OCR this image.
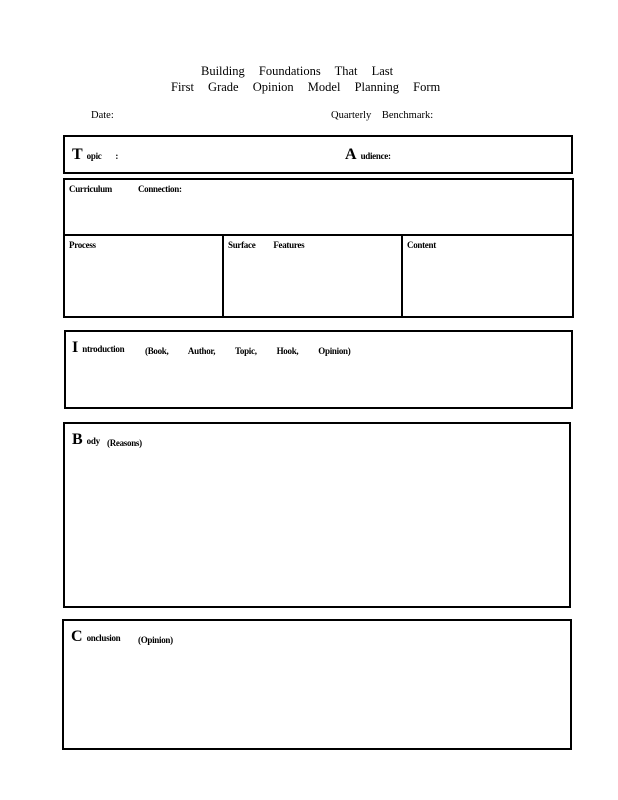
Building Foundations That Last
First Grade Opinion Model Planning Form
Date:	Quarterly Benchmark:
T opic :	A udience:
Curriculum Connection:
Process	Surface Features	Content
I ntroduction (Book, Author, Topic, Hook, Opinion)
B ody (Reasons)
C onclusion (Opinion)
